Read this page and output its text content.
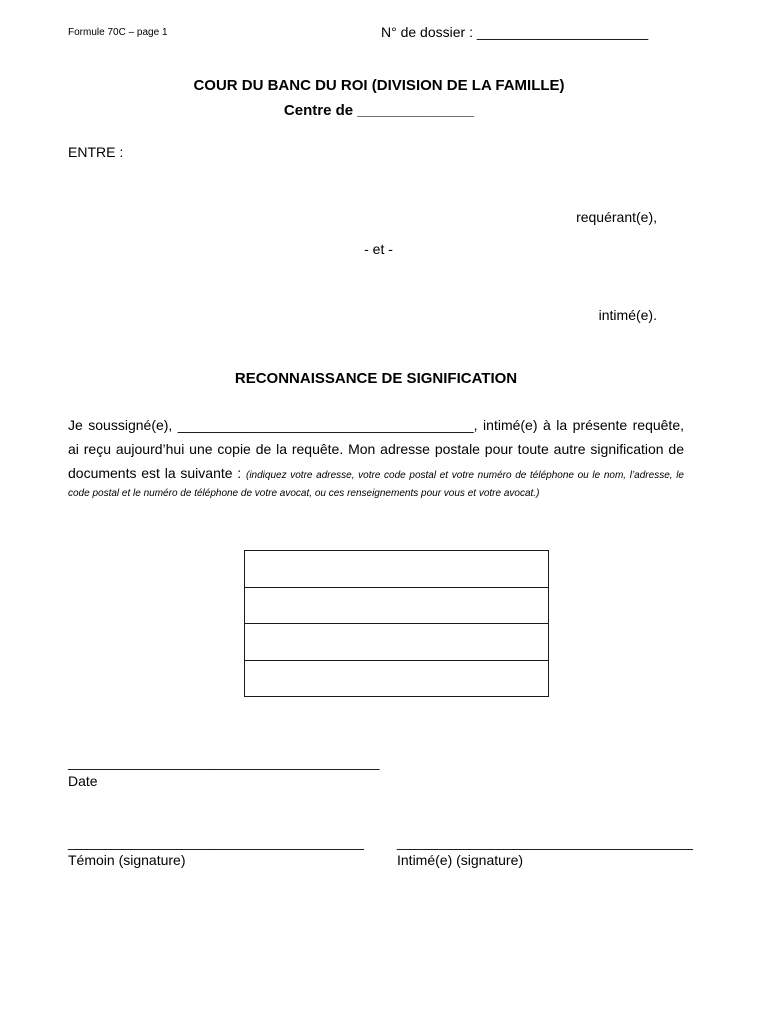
Formule 70C – page 1	N° de dossier : ______________________
COUR DU BANC DU ROI (DIVISION DE LA FAMILLE)
Centre de ______________
ENTRE :
requérant(e),
- et -
intimé(e).
RECONNAISSANCE DE SIGNIFICATION
Je soussigné(e), ______________________________________, intimé(e) à la présente requête,
ai reçu aujourd’hui une copie de la requête. Mon adresse postale pour toute autre signification de
documents est la suivante : (indiquez votre adresse, votre code postal et votre numéro de téléphone ou le nom, l’adresse, le
code postal et le numéro de téléphone de votre avocat, ou ces renseignements pour vous et votre avocat.)
________________________________________
Date
______________________________________
Témoin (signature)
______________________________________
Intimé(e) (signature)
